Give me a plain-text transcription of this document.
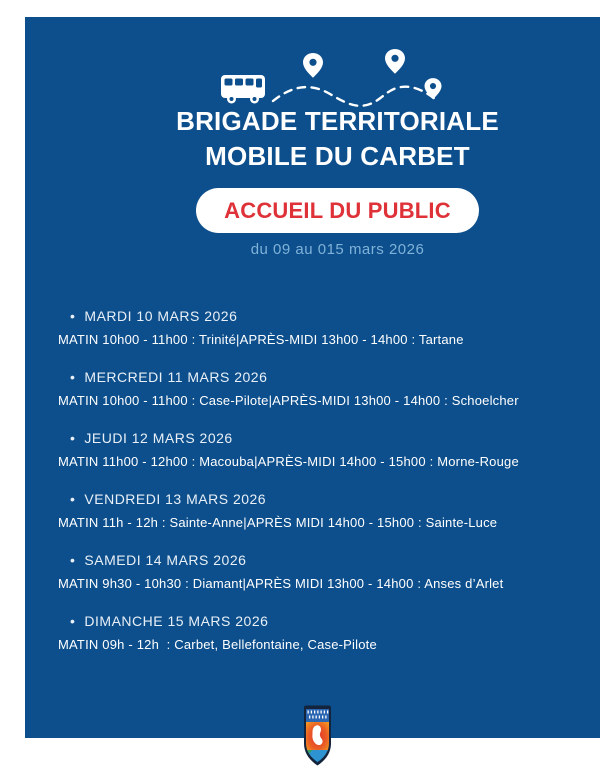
BRIGADE TERRITORIALE
MOBILE DU CARBET
ACCUEIL DU PUBLIC
du 09 au 015 mars 2026
• MARDI 10 MARS 2026
MATIN 10h00 - 11h00 : Trinité|APRÈS-MIDI 13h00 - 14h00 : Tartane
• MERCREDI 11 MARS 2026
MATIN 10h00 - 11h00 : Case-Pilote|APRÈS-MIDI 13h00 - 14h00 : Schoelcher
• JEUDI 12 MARS 2026
MATIN 11h00 - 12h00 : Macouba|APRÈS-MIDI 14h00 - 15h00 : Morne-Rouge
• VENDREDI 13 MARS 2026
MATIN 11h - 12h : Sainte-Anne|APRÈS MIDI 14h00 - 15h00 : Sainte-Luce
• SAMEDI 14 MARS 2026
MATIN 9h30 - 10h30 : Diamant|APRÈS MIDI 13h00 - 14h00 : Anses d’Arlet
• DIMANCHE 15 MARS 2026
MATIN 09h - 12h  : Carbet, Bellefontaine, Case-Pilote
